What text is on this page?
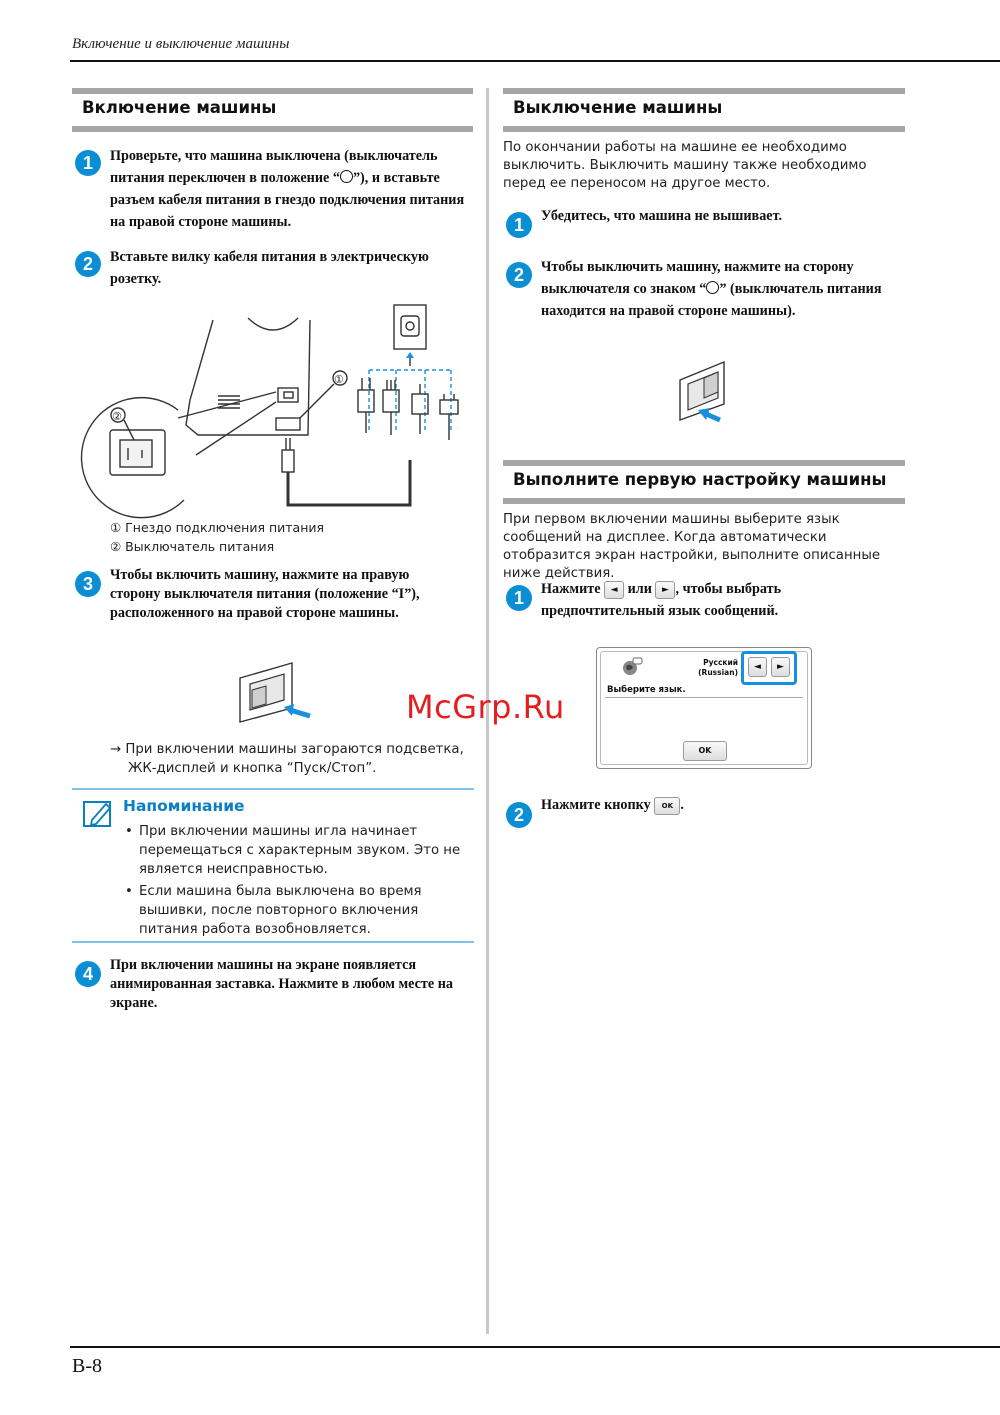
Включение и выключение машины
B-8
Включение машины
1	Проверьте, что машина выключена (выключатель питания переключен в положение “ ”), и вставьте разъем кабеля питания в гнездо подключения питания на правой стороне машины.
2	Вставьте вилку кабеля питания в электрическую розетку.
①
②
① Гнездо подключения питания
② Выключатель питания
3	Чтобы включить машину, нажмите на правую сторону выключателя питания (положение “I”), расположенного на правой стороне машины.
→ При включении машины загораются подсветка,
ЖК-дисплей и кнопка “Пуск/Стоп”.
Напоминание
• При включении машины игла начинает перемещаться с характерным звуком. Это не является неисправностью.
• Если машина была выключена во время вышивки, после повторного включения питания работа возобновляется.
4	При включении машины на экране появляется анимированная заставка. Нажмите в любом месте на экране.
Выключение машины
По окончании работы на машине ее необходимо выключить. Выключить машину также необходимо перед ее переносом на другое место.
1	Убедитесь, что машина не вышивает.
2	Чтобы выключить машину, нажмите на сторону выключателя со знаком “ ” (выключатель питания находится на правой стороне машины).
Выполните первую настройку машины
При первом включении машины выберите язык сообщений на дисплее. Когда автоматически отобразится экран настройки, выполните описанные ниже действия.
1	Нажмите ◄ или ► , чтобы выбрать предпочтительный язык сообщений.
Русский
(Russian)
◄	►
Выберите язык.
OK
2	Нажмите кнопку OK .
McGrp.Ru
